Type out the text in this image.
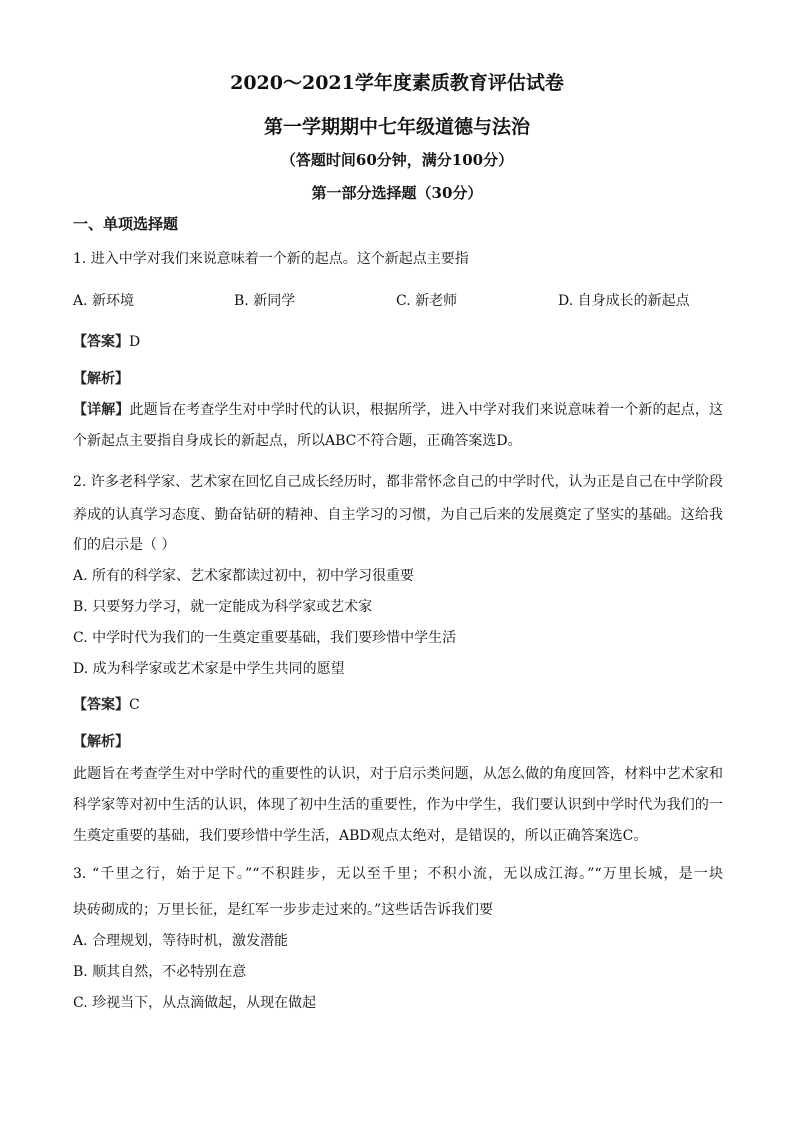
2020～2021学年度素质教育评估试卷
第一学期期中七年级道德与法治
（答题时间60分钟，满分100分）
第一部分选择题（30分）
一、单项选择题
1. 进入中学对我们来说意味着一个新的起点。这个新起点主要指
A. 新环境	B. 新同学	C. 新老师	D. 自身成长的新起点
【答案】D
【解析】
【详解】此题旨在考查学生对中学时代的认识，根据所学，进入中学对我们来说意味着一个新的起点，这
个新起点主要指自身成长的新起点，所以ABC不符合题，正确答案选D。
2. 许多老科学家、艺术家在回忆自己成长经历时，都非常怀念自己的中学时代，认为正是自己在中学阶段
养成的认真学习态度、勤奋钻研的精神、自主学习的习惯，为自己后来的发展奠定了坚实的基础。这给我
们的启示是（ ）
A. 所有的科学家、艺术家都读过初中，初中学习很重要
B. 只要努力学习，就一定能成为科学家或艺术家
C. 中学时代为我们的一生奠定重要基础，我们要珍惜中学生活
D. 成为科学家或艺术家是中学生共同的愿望
【答案】C
【解析】
此题旨在考查学生对中学时代的重要性的认识，对于启示类问题，从怎么做的角度回答，材料中艺术家和
科学家等对初中生活的认识，体现了初中生活的重要性，作为中学生，我们要认识到中学时代为我们的一
生奠定重要的基础，我们要珍惜中学生活，ABD观点太绝对，是错误的，所以正确答案选C。
3. “千里之行，始于足下。”“不积跬步，无以至千里；不积小流，无以成江海。”“万里长城，是一块
块砖砌成的；万里长征，是红军一步步走过来的。”这些话告诉我们要
A. 合理规划，等待时机，激发潜能
B. 顺其自然，不必特别在意
C. 珍视当下，从点滴做起，从现在做起
